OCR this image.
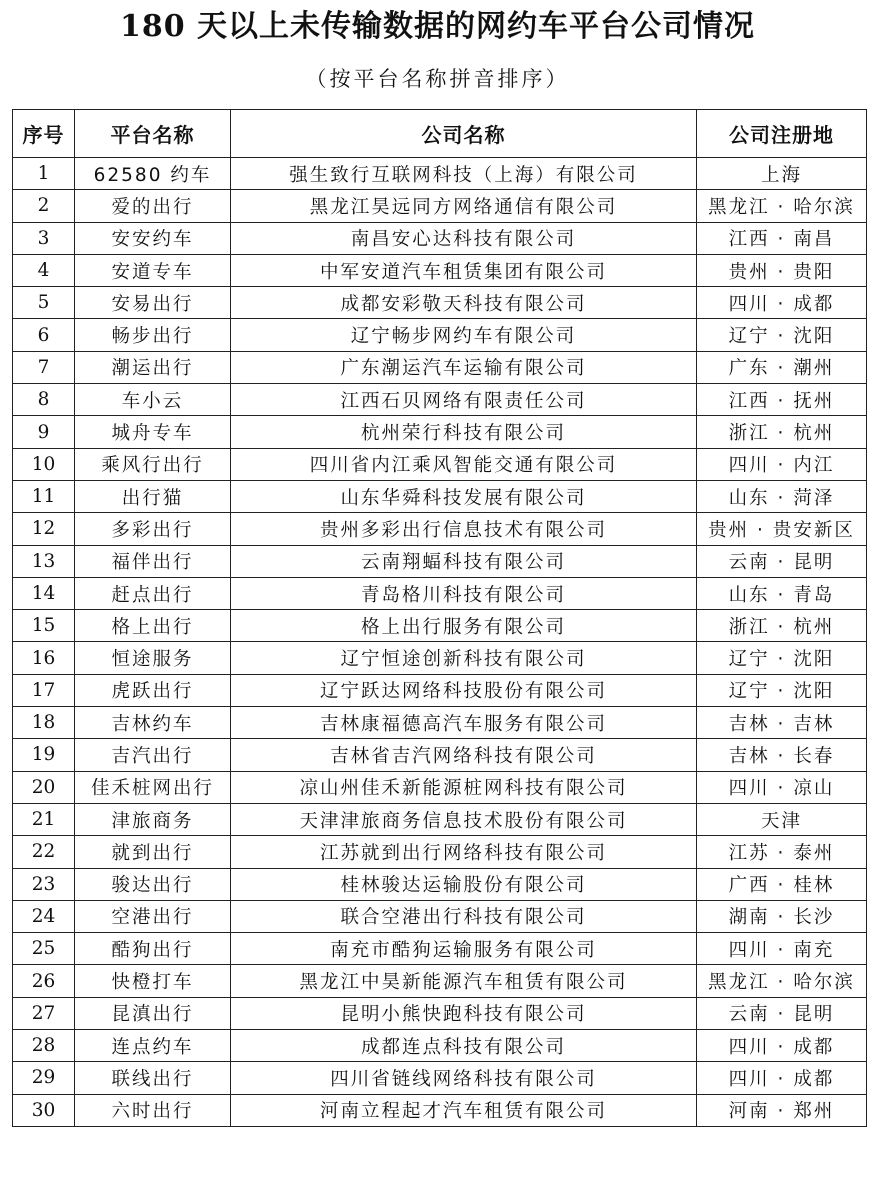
180 天以上未传输数据的网约车平台公司情况
（按平台名称拼音排序）
序号	平台名称	公司名称	公司注册地
1	62580 约车	强生致行互联网科技（上海）有限公司	上海
2	爱的出行	黑龙江昊远同方网络通信有限公司	黑龙江 · 哈尔滨
3	安安约车	南昌安心达科技有限公司	江西 · 南昌
4	安道专车	中军安道汽车租赁集团有限公司	贵州 · 贵阳
5	安易出行	成都安彩敬天科技有限公司	四川 · 成都
6	畅步出行	辽宁畅步网约车有限公司	辽宁 · 沈阳
7	潮运出行	广东潮运汽车运输有限公司	广东 · 潮州
8	车小云	江西石贝网络有限责任公司	江西 · 抚州
9	城舟专车	杭州荣行科技有限公司	浙江 · 杭州
10	乘风行出行	四川省内江乘风智能交通有限公司	四川 · 内江
11	出行猫	山东华舜科技发展有限公司	山东 · 菏泽
12	多彩出行	贵州多彩出行信息技术有限公司	贵州 · 贵安新区
13	福伴出行	云南翔蝠科技有限公司	云南 · 昆明
14	赶点出行	青岛格川科技有限公司	山东 · 青岛
15	格上出行	格上出行服务有限公司	浙江 · 杭州
16	恒途服务	辽宁恒途创新科技有限公司	辽宁 · 沈阳
17	虎跃出行	辽宁跃达网络科技股份有限公司	辽宁 · 沈阳
18	吉林约车	吉林康福德高汽车服务有限公司	吉林 · 吉林
19	吉汽出行	吉林省吉汽网络科技有限公司	吉林 · 长春
20	佳禾桩网出行	凉山州佳禾新能源桩网科技有限公司	四川 · 凉山
21	津旅商务	天津津旅商务信息技术股份有限公司	天津
22	就到出行	江苏就到出行网络科技有限公司	江苏 · 泰州
23	骏达出行	桂林骏达运输股份有限公司	广西 · 桂林
24	空港出行	联合空港出行科技有限公司	湖南 · 长沙
25	酷狗出行	南充市酷狗运输服务有限公司	四川 · 南充
26	快橙打车	黑龙江中昊新能源汽车租赁有限公司	黑龙江 · 哈尔滨
27	昆滇出行	昆明小熊快跑科技有限公司	云南 · 昆明
28	连点约车	成都连点科技有限公司	四川 · 成都
29	联线出行	四川省链线网络科技有限公司	四川 · 成都
30	六时出行	河南立程起才汽车租赁有限公司	河南 · 郑州
